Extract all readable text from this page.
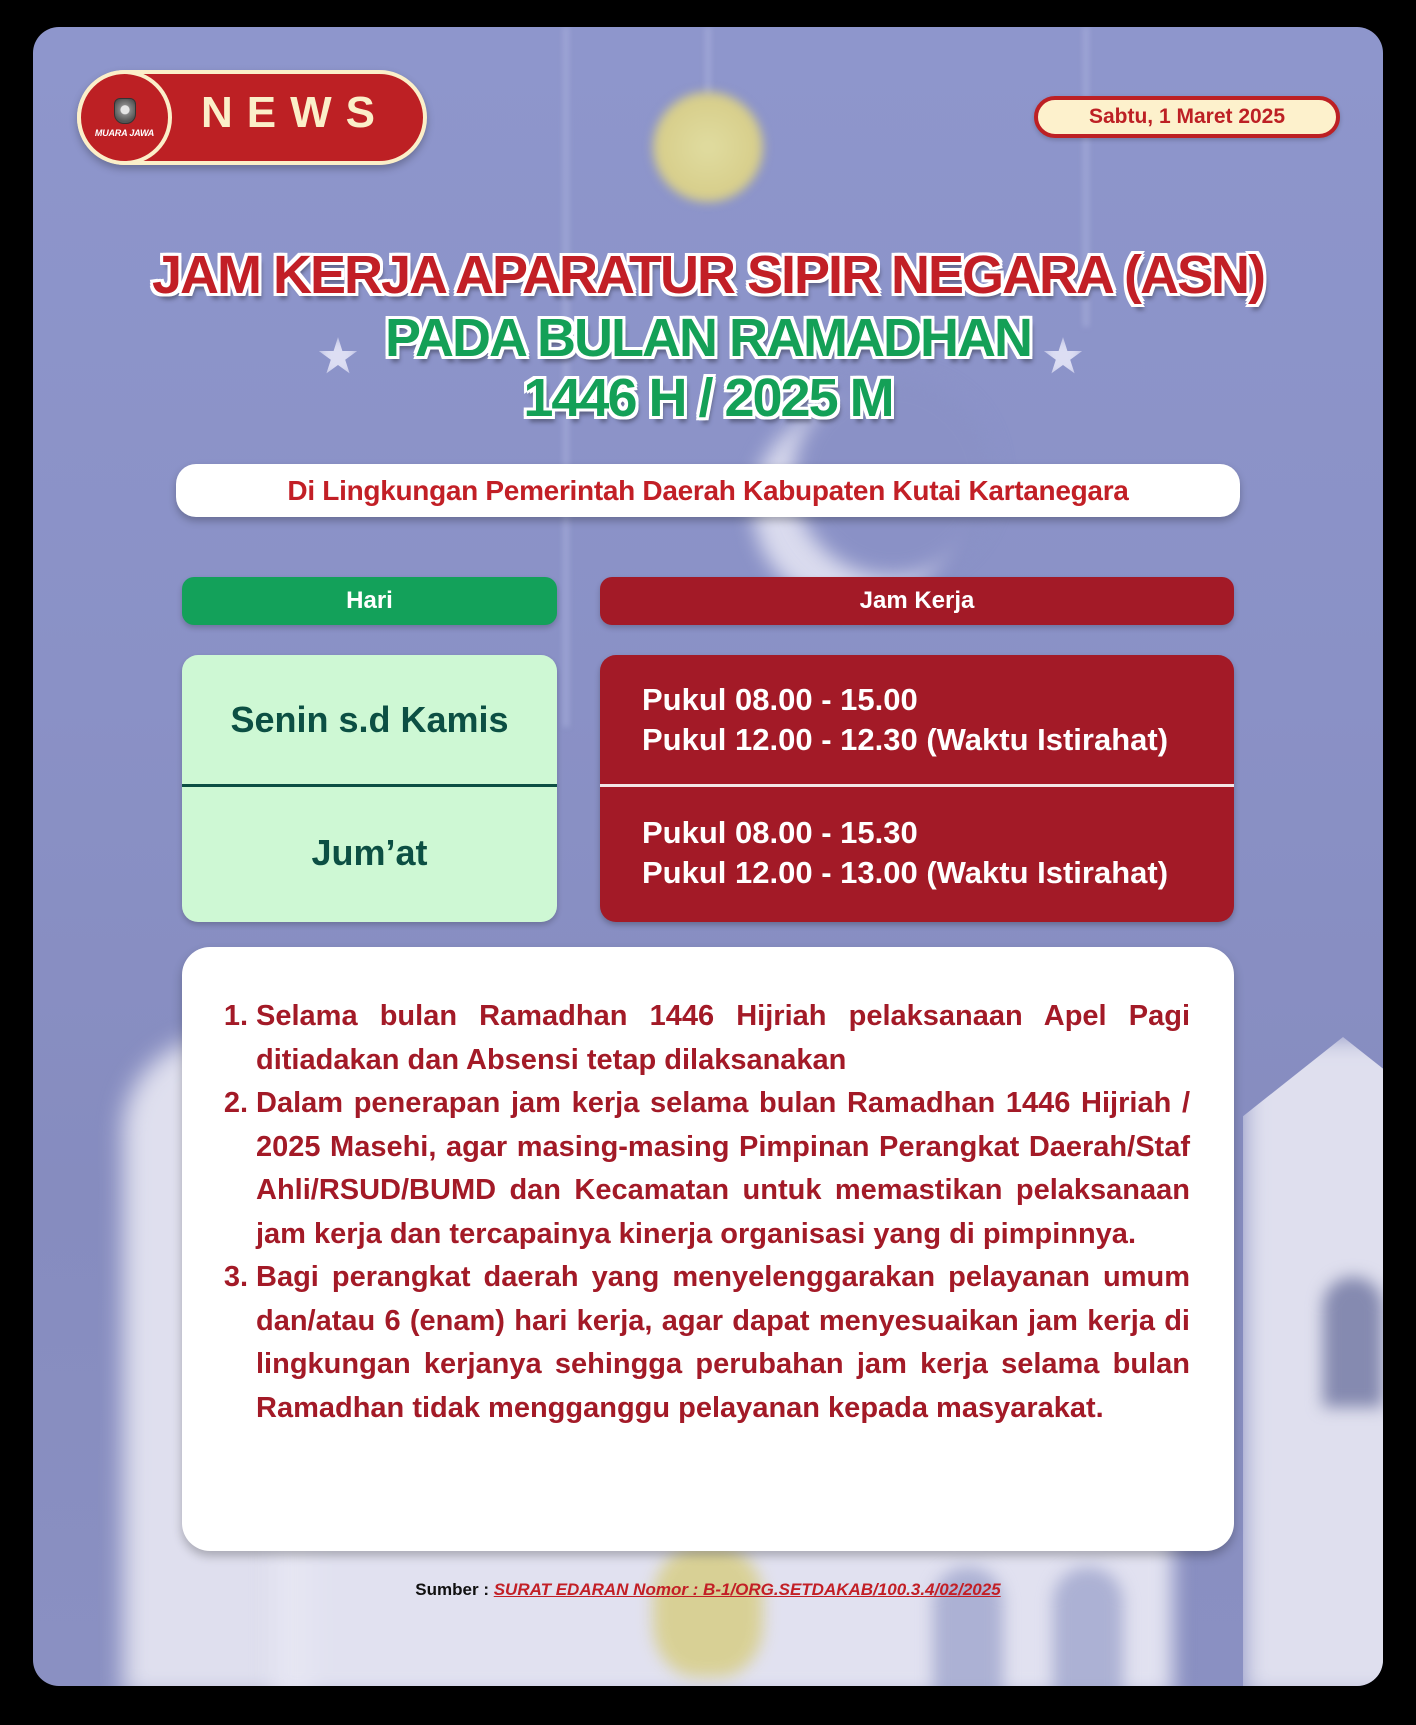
MUARA JAWA NEWS	Sabtu, 1 Maret 2025
JAM KERJA APARATUR SIPIR NEGARA (ASN)
PADA BULAN RAMADHAN
1446 H / 2025 M
Di Lingkungan Pemerintah Daerah Kabupaten Kutai Kartanegara
Hari	Jam Kerja
Senin s.d Kamis
Jum’at
Pukul 08.00 - 15.00
Pukul 12.00 - 12.30 (Waktu Istirahat)
Pukul 08.00 - 15.30
Pukul 12.00 - 13.00 (Waktu Istirahat)
1. Selama bulan Ramadhan 1446 Hijriah pelaksanaan Apel Pagi ditiadakan dan Absensi tetap dilaksanakan
2. Dalam penerapan jam kerja selama bulan Ramadhan 1446 Hijriah / 2025 Masehi, agar masing-masing Pimpinan Perangkat Daerah/Staf Ahli/RSUD/BUMD dan Kecamatan untuk memastikan pelaksanaan jam kerja dan tercapainya kinerja organisasi yang di pimpinnya.
3. Bagi perangkat daerah yang menyelenggarakan pelayanan umum dan/atau 6 (enam) hari kerja, agar dapat menyesuaikan jam kerja di lingkungan kerjanya sehingga perubahan jam kerja selama bulan Ramadhan tidak mengganggu pelayanan kepada masyarakat.
Sumber : SURAT EDARAN Nomor : B-1/ORG.SETDAKAB/100.3.4/02/2025
